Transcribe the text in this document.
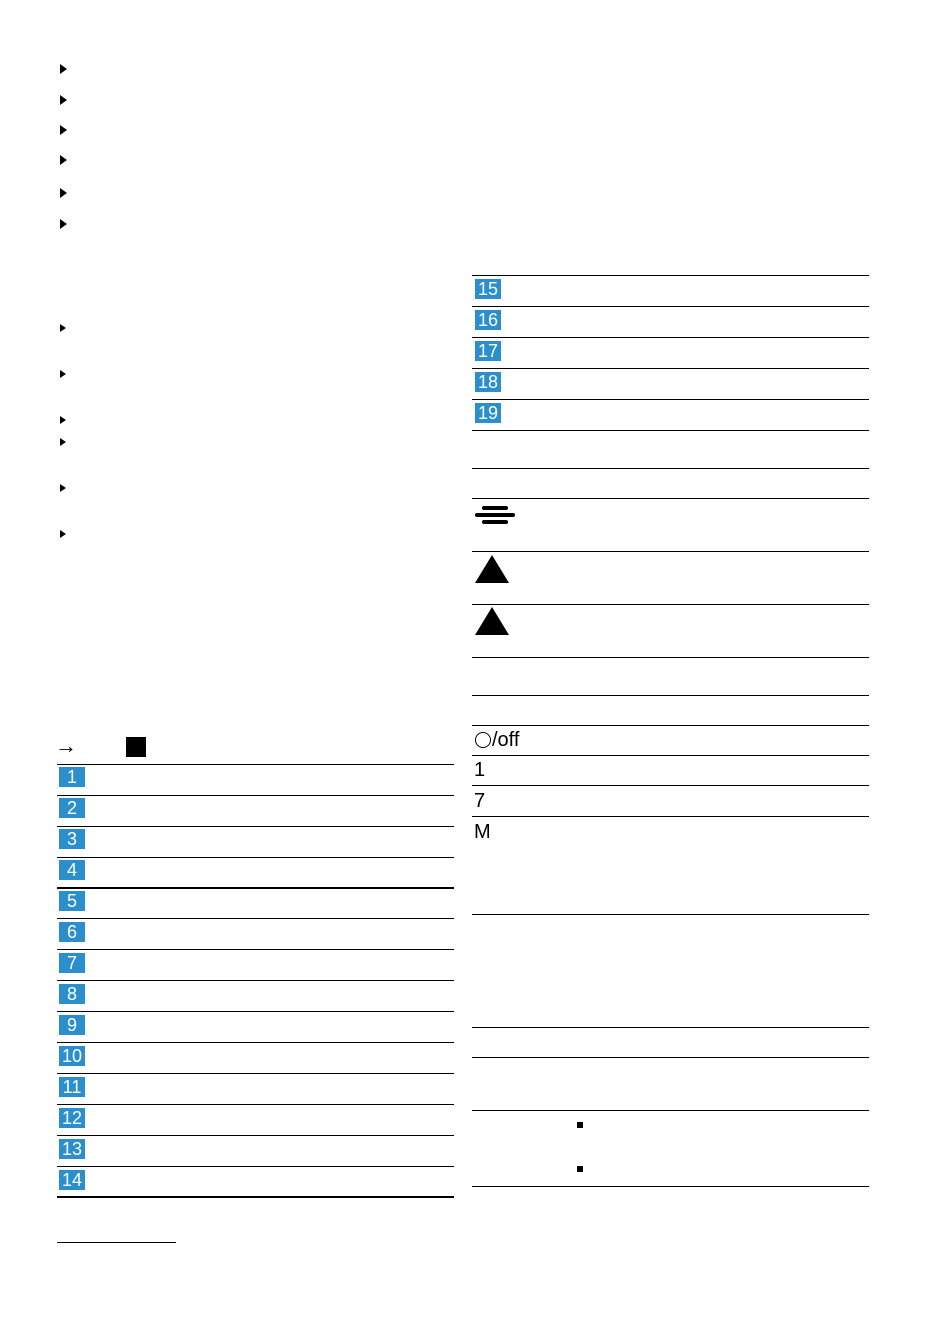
→
1
2
3
4
5
6
7
8
9
10
11
12
13
14
15
16
17
18
19
/off
1
7
M
